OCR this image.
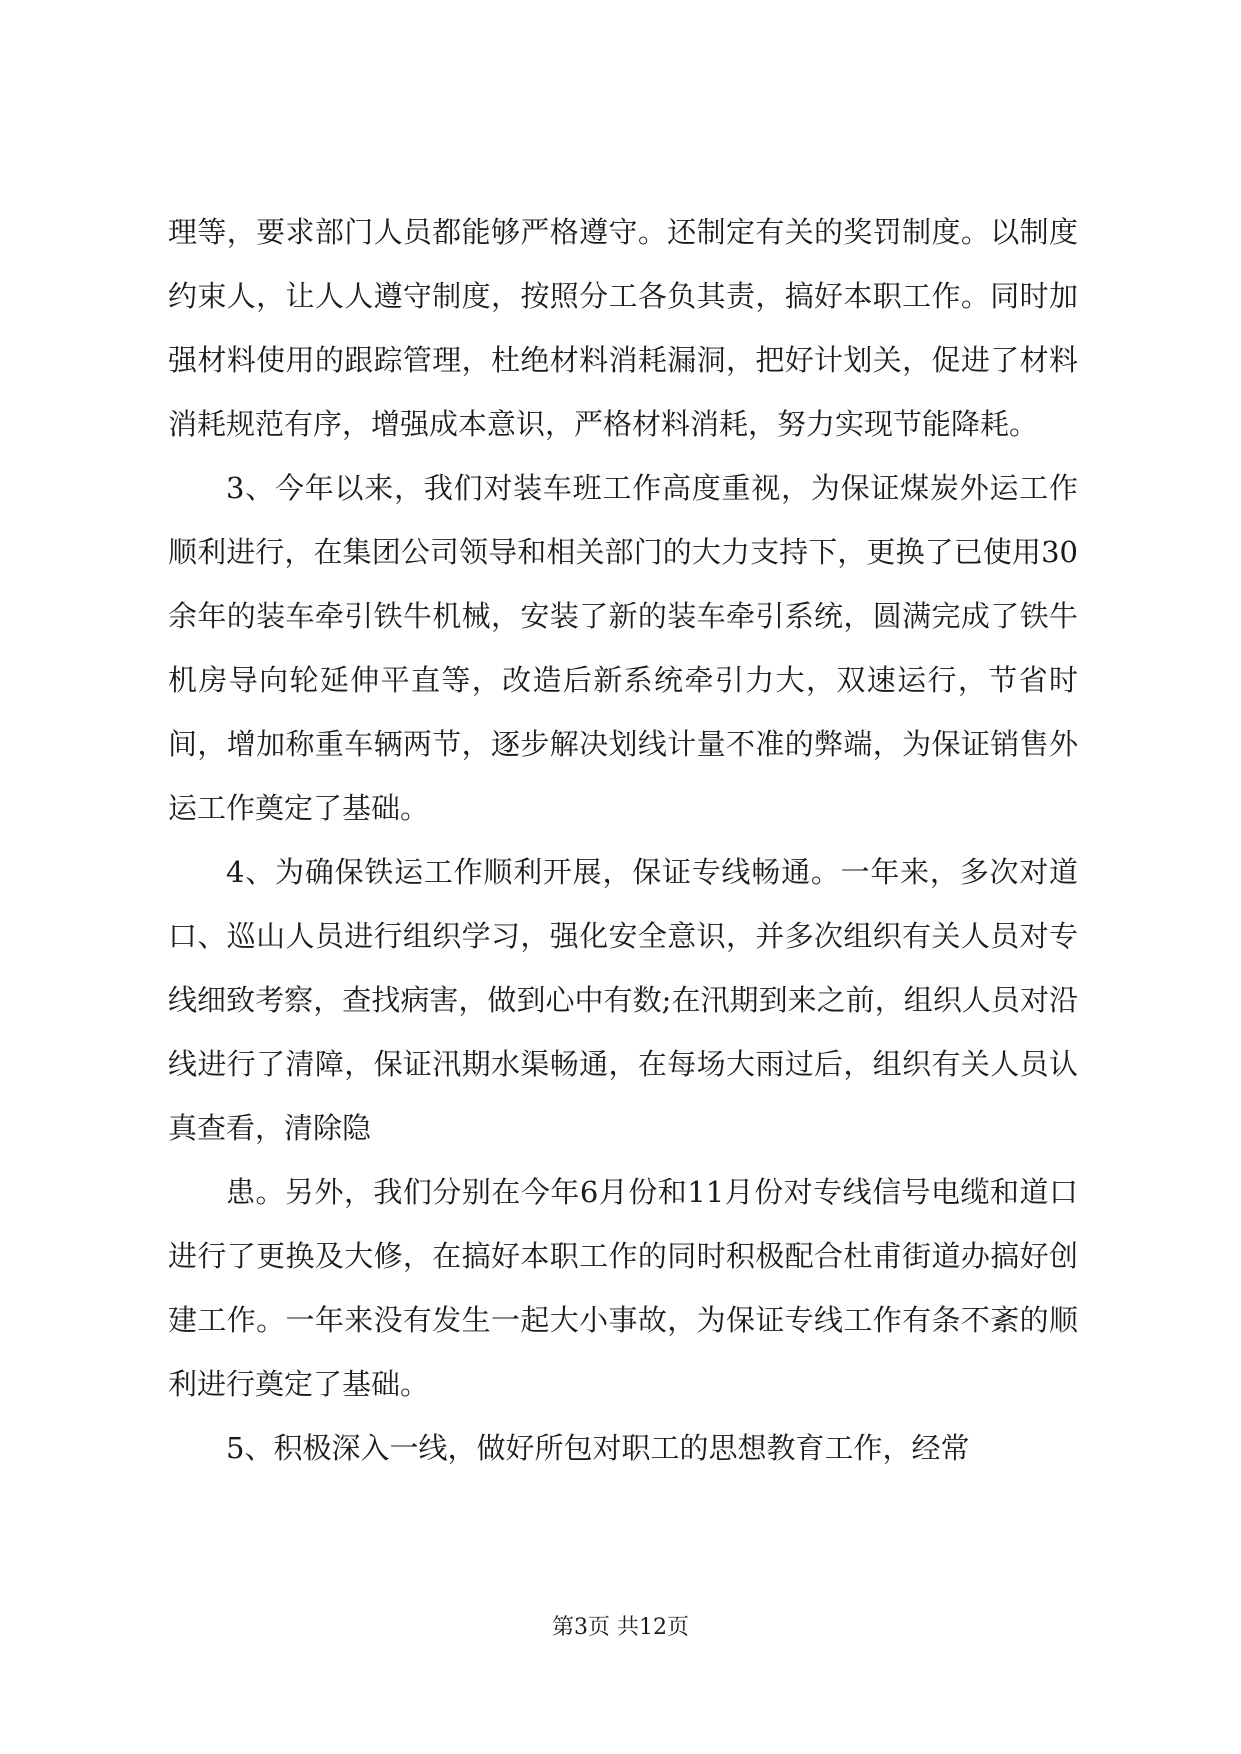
理等，要求部门人员都能够严格遵守。还制定有关的奖罚制度。以制度约束人，让人人遵守制度，按照分工各负其责，搞好本职工作。同时加强材料使用的跟踪管理，杜绝材料消耗漏洞，把好计划关，促进了材料消耗规范有序，增强成本意识，严格材料消耗，努力实现节能降耗。

3、今年以来，我们对装车班工作高度重视，为保证煤炭外运工作顺利进行，在集团公司领导和相关部门的大力支持下，更换了已使用30余年的装车牵引铁牛机械，安装了新的装车牵引系统，圆满完成了铁牛机房导向轮延伸平直等，改造后新系统牵引力大，双速运行，节省时间，增加称重车辆两节，逐步解决划线计量不准的弊端，为保证销售外运工作奠定了基础。

4、为确保铁运工作顺利开展，保证专线畅通。一年来，多次对道口、巡山人员进行组织学习，强化安全意识，并多次组织有关人员对专线细致考察，查找病害，做到心中有数;在汛期到来之前，组织人员对沿线进行了清障，保证汛期水渠畅通，在每场大雨过后，组织有关人员认真查看，清除隐

患。另外，我们分别在今年6月份和11月份对专线信号电缆和道口进行了更换及大修，在搞好本职工作的同时积极配合杜甫街道办搞好创建工作。一年来没有发生一起大小事故，为保证专线工作有条不紊的顺利进行奠定了基础。

5、积极深入一线，做好所包对职工的思想教育工作，经常

第3页 共12页
